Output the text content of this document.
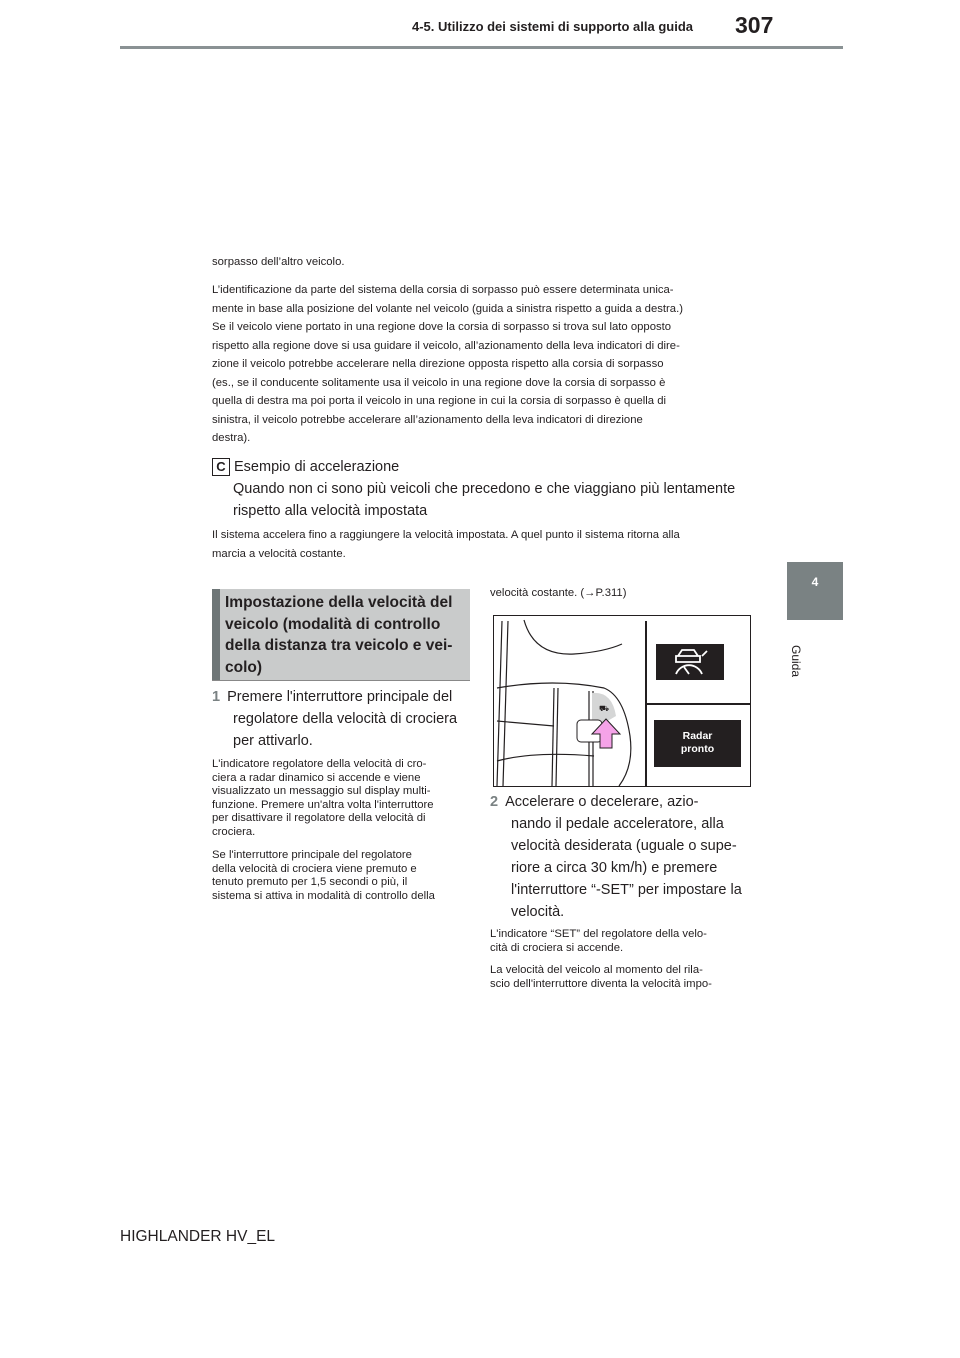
4-5. Utilizzo dei sistemi di supporto alla guida 307
4
Guida
sorpasso dell’altro veicolo.
L’identificazione da parte del sistema della corsia di sorpasso può essere determinata unica-
mente in base alla posizione del volante nel veicolo (guida a sinistra rispetto a guida a destra.)
Se il veicolo viene portato in una regione dove la corsia di sorpasso si trova sul lato opposto
rispetto alla regione dove si usa guidare il veicolo, all’azionamento della leva indicatori di dire-
zione il veicolo potrebbe accelerare nella direzione opposta rispetto alla corsia di sorpasso
(es., se il conducente solitamente usa il veicolo in una regione dove la corsia di sorpasso è
quella di destra ma poi porta il veicolo in una regione in cui la corsia di sorpasso è quella di
sinistra, il veicolo potrebbe accelerare all’azionamento della leva indicatori di direzione
destra).
C Esempio di accelerazione
Quando non ci sono più veicoli che precedono e che viaggiano più lentamente
rispetto alla velocità impostata
Il sistema accelera fino a raggiungere la velocità impostata. A quel punto il sistema ritorna alla
marcia a velocità costante.
Impostazione della velocità del
veicolo (modalità di controllo
della distanza tra veicolo e vei-
colo)
1 Premere l'interruttore principale del
regolatore della velocità di crociera
per attivarlo.
L'indicatore regolatore della velocità di cro-
ciera a radar dinamico si accende e viene
visualizzato un messaggio sul display multi-
funzione. Premere un'altra volta l'interruttore
per disattivare il regolatore della velocità di
crociera.
Se l'interruttore principale del regolatore
della velocità di crociera viene premuto e
tenuto premuto per 1,5 secondi o più, il
sistema si attiva in modalità di controllo della
velocità costante. (→P.311)
⛟
Radar
pronto
2 Accelerare o decelerare, azio-
nando il pedale acceleratore, alla
velocità desiderata (uguale o supe-
riore a circa 30 km/h) e premere
l'interruttore “-SET” per impostare la
velocità.
L'indicatore “SET” del regolatore della velo-
cità di crociera si accende.
La velocità del veicolo al momento del rila-
scio dell'interruttore diventa la velocità impo-
HIGHLANDER HV_EL
